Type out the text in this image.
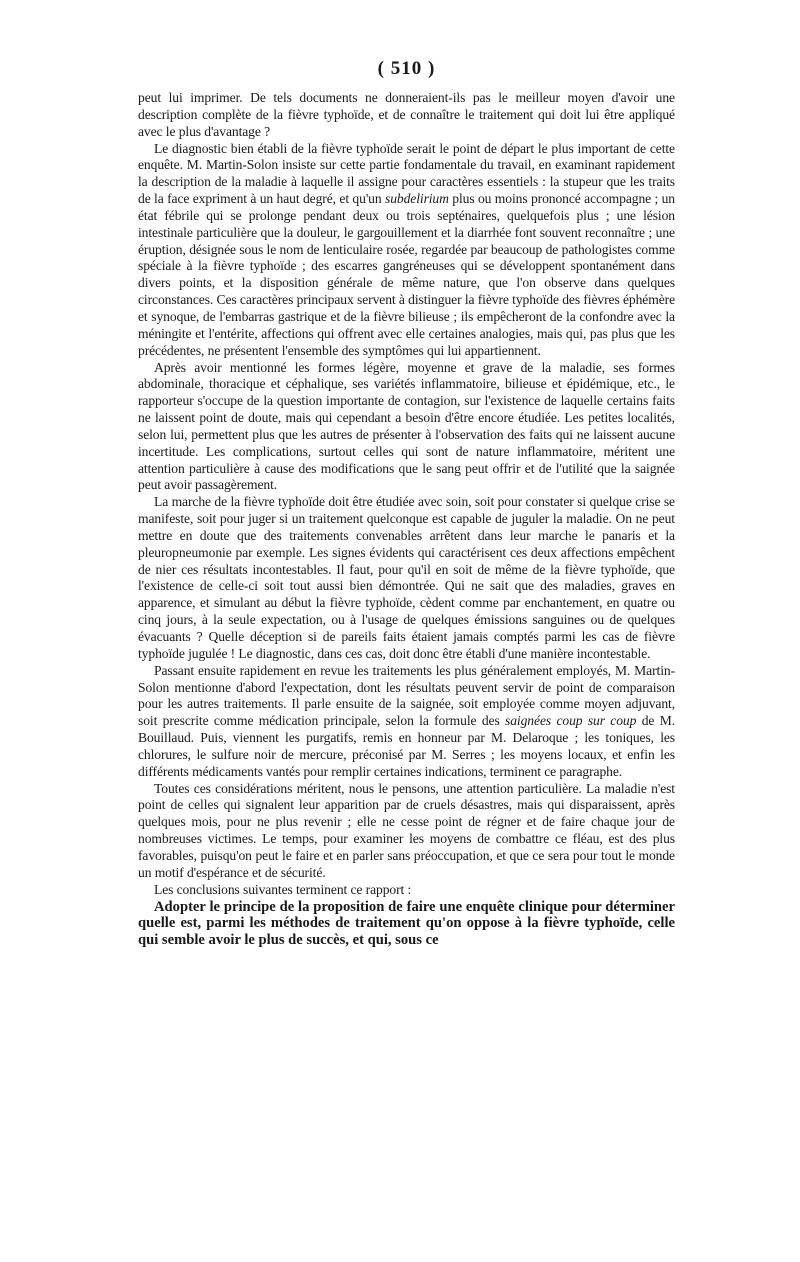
( 510 )

peut lui imprimer. De tels documents ne donneraient-ils pas le meilleur moyen d'avoir une description complète de la fièvre typhoïde, et de connaître le traitement qui doit lui être appliqué avec le plus d'avantage ?

Le diagnostic bien établi de la fièvre typhoïde serait le point de départ le plus important de cette enquête. M. Martin-Solon insiste sur cette partie fondamentale du travail, en examinant rapidement la description de la maladie à laquelle il assigne pour caractères essentiels : la stupeur que les traits de la face expriment à un haut degré, et qu'un subdelirium plus ou moins prononcé accompagne ; un état fébrile qui se prolonge pendant deux ou trois septénaires, quelquefois plus ; une lésion intestinale particulière que la douleur, le gargouillement et la diarrhée font souvent reconnaître ; une éruption, désignée sous le nom de lenticulaire rosée, regardée par beaucoup de pathologistes comme spéciale à la fièvre typhoïde ; des escarres gangréneuses qui se développent spontanément dans divers points, et la disposition générale de même nature, que l'on observe dans quelques circonstances. Ces caractères principaux servent à distinguer la fièvre typhoïde des fièvres éphémère et synoque, de l'embarras gastrique et de la fièvre bilieuse ; ils empêcheront de la confondre avec la méningite et l'entérite, affections qui offrent avec elle certaines analogies, mais qui, pas plus que les précédentes, ne présentent l'ensemble des symptômes qui lui appartiennent.

Après avoir mentionné les formes légère, moyenne et grave de la maladie, ses formes abdominale, thoracique et céphalique, ses variétés inflammatoire, bilieuse et épidémique, etc., le rapporteur s'occupe de la question importante de contagion, sur l'existence de laquelle certains faits ne laissent point de doute, mais qui cependant a besoin d'être encore étudiée. Les petites localités, selon lui, permettent plus que les autres de présenter à l'observation des faits qui ne laissent aucune incertitude. Les complications, surtout celles qui sont de nature inflammatoire, méritent une attention particulière à cause des modifications que le sang peut offrir et de l'utilité que la saignée peut avoir passagèrement.

La marche de la fièvre typhoïde doit être étudiée avec soin, soit pour constater si quelque crise se manifeste, soit pour juger si un traitement quelconque est capable de juguler la maladie. On ne peut mettre en doute que des traitements convenables arrêtent dans leur marche le panaris et la pleuropneumonie par exemple. Les signes évidents qui caractérisent ces deux affections empêchent de nier ces résultats incontestables. Il faut, pour qu'il en soit de même de la fièvre typhoïde, que l'existence de celle-ci soit tout aussi bien démontrée. Qui ne sait que des maladies, graves en apparence, et simulant au début la fièvre typhoïde, cèdent comme par enchantement, en quatre ou cinq jours, à la seule expectation, ou à l'usage de quelques émissions sanguines ou de quelques évacuants ? Quelle déception si de pareils faits étaient jamais comptés parmi les cas de fièvre typhoïde jugulée ! Le diagnostic, dans ces cas, doit donc être établi d'une manière incontestable.

Passant ensuite rapidement en revue les traitements les plus généralement employés, M. Martin-Solon mentionne d'abord l'expectation, dont les résultats peuvent servir de point de comparaison pour les autres traitements. Il parle ensuite de la saignée, soit employée comme moyen adjuvant, soit prescrite comme médication principale, selon la formule des saignées coup sur coup de M. Bouillaud. Puis, viennent les purgatifs, remis en honneur par M. Delaroque ; les toniques, les chlorures, le sulfure noir de mercure, préconisé par M. Serres ; les moyens locaux, et enfin les différents médicaments vantés pour remplir certaines indications, terminent ce paragraphe.

Toutes ces considérations méritent, nous le pensons, une attention particulière. La maladie n'est point de celles qui signalent leur apparition par de cruels désastres, mais qui disparaissent, après quelques mois, pour ne plus revenir ; elle ne cesse point de régner et de faire chaque jour de nombreuses victimes. Le temps, pour examiner les moyens de combattre ce fléau, est des plus favorables, puisqu'on peut le faire et en parler sans préoccupation, et que ce sera pour tout le monde un motif d'espérance et de sécurité.

Les conclusions suivantes terminent ce rapport :

Adopter le principe de la proposition de faire une enquête clinique pour déterminer quelle est, parmi les méthodes de traitement qu'on oppose à la fièvre typhoïde, celle qui semble avoir le plus de succès, et qui, sous ce
